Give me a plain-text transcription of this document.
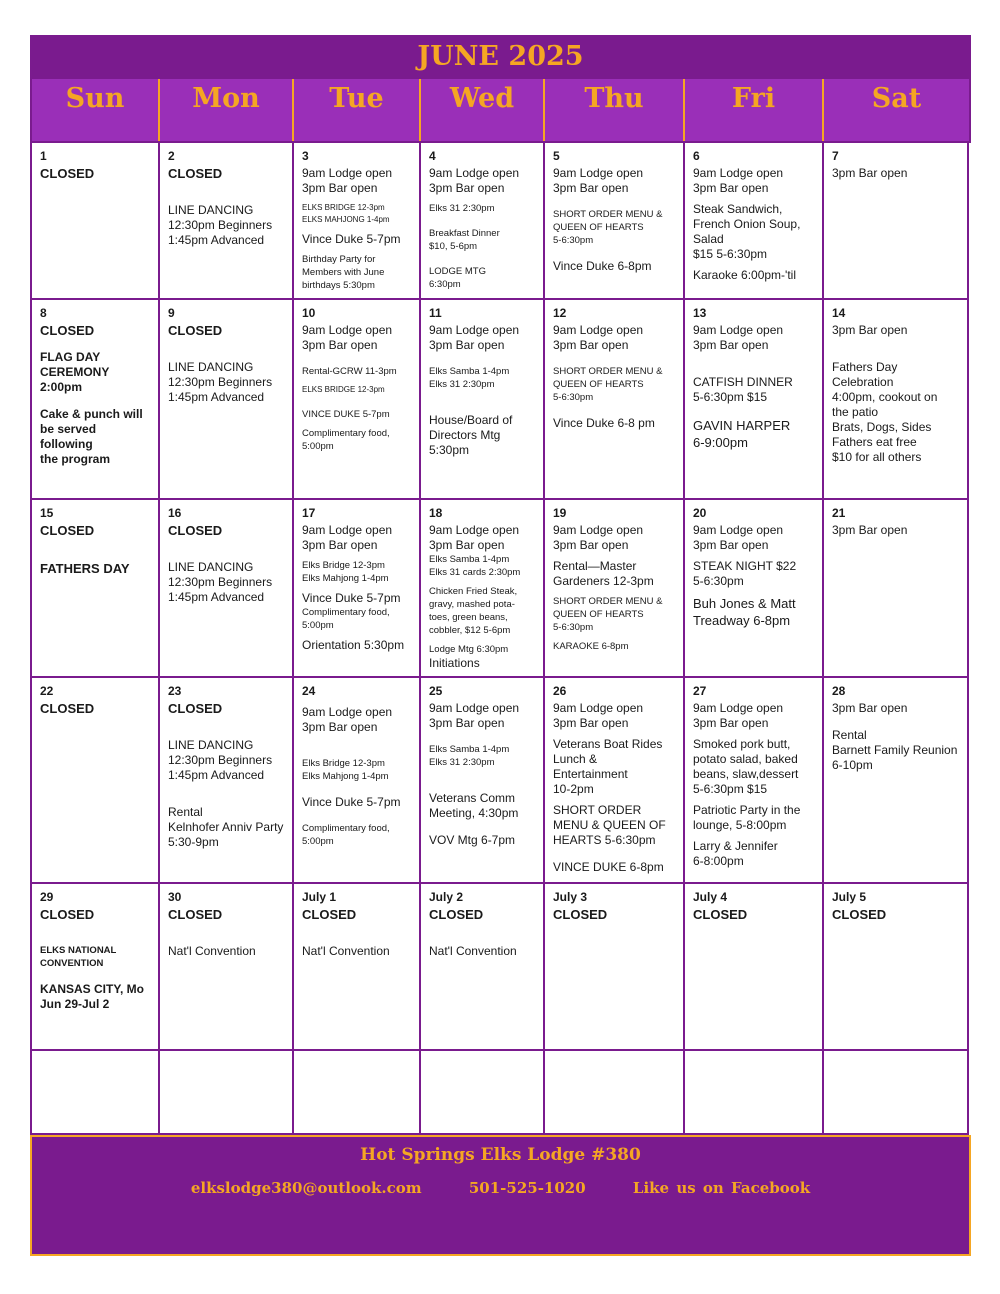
JUNE 2025
Sun	Mon	Tue	Wed	Thu	Fri	Sat
1
CLOSED
2
CLOSED
LINE DANCING
12:30pm Beginners
1:45pm Advanced
3
9am Lodge open
3pm Bar open
ELKS BRIDGE 12-3pm
ELKS MAHJONG 1-4pm
Vince Duke 5-7pm
Birthday Party for
Members with June
birthdays 5:30pm
4
9am Lodge open
3pm Bar open
Elks 31 2:30pm
Breakfast Dinner
$10, 5-6pm
LODGE MTG
6:30pm
5
9am Lodge open
3pm Bar open
SHORT ORDER MENU &
QUEEN OF HEARTS
5-6:30pm
Vince Duke 6-8pm
6
9am Lodge open
3pm Bar open
Steak Sandwich,
French Onion Soup,
Salad
$15 5-6:30pm
Karaoke 6:00pm-'til
7
3pm Bar open
8
CLOSED
FLAG DAY
CEREMONY
2:00pm
Cake & punch will
be served following
the program
9
CLOSED
LINE DANCING
12:30pm Beginners
1:45pm Advanced
10
9am Lodge open
3pm Bar open
Rental-GCRW 11-3pm
ELKS BRIDGE 12-3pm
VINCE DUKE 5-7pm
Complimentary food,
5:00pm
11
9am Lodge open
3pm Bar open
Elks Samba 1-4pm
Elks 31 2:30pm
House/Board of
Directors Mtg
5:30pm
12
9am Lodge open
3pm Bar open
SHORT ORDER MENU &
QUEEN OF HEARTS
5-6:30pm
Vince Duke 6-8 pm
13
9am Lodge open
3pm Bar open
CATFISH DINNER
5-6:30pm $15
GAVIN HARPER
6-9:00pm
14
3pm Bar open
Fathers Day
Celebration
4:00pm, cookout on
the patio
Brats, Dogs, Sides
Fathers eat free
$10 for all others
15
CLOSED
FATHERS DAY
16
CLOSED
LINE DANCING
12:30pm Beginners
1:45pm Advanced
17
9am Lodge open
3pm Bar open
Elks Bridge 12-3pm
Elks Mahjong 1-4pm
Vince Duke 5-7pm
Complimentary food,
5:00pm
Orientation 5:30pm
18
9am Lodge open
3pm Bar open
Elks Samba 1-4pm
Elks 31 cards 2:30pm
Chicken Fried Steak,
gravy, mashed pota-
toes, green beans,
cobbler, $12 5-6pm
Lodge Mtg 6:30pm
Initiations
19
9am Lodge open
3pm Bar open
Rental—Master
Gardeners 12-3pm
SHORT ORDER MENU &
QUEEN OF HEARTS
5-6:30pm
KARAOKE 6-8pm
20
9am Lodge open
3pm Bar open
STEAK NIGHT $22
5-6:30pm
Buh Jones & Matt
Treadway 6-8pm
21
3pm Bar open
22
CLOSED
23
CLOSED
LINE DANCING
12:30pm Beginners
1:45pm Advanced
Rental
Kelnhofer Anniv Party
5:30-9pm
24
9am Lodge open
3pm Bar open
Elks Bridge 12-3pm
Elks Mahjong 1-4pm
Vince Duke 5-7pm
Complimentary food,
5:00pm
25
9am Lodge open
3pm Bar open
Elks Samba 1-4pm
Elks 31 2:30pm
Veterans Comm
Meeting, 4:30pm
VOV Mtg 6-7pm
26
9am Lodge open
3pm Bar open
Veterans Boat Rides
Lunch & Entertainment
10-2pm
SHORT ORDER
MENU & QUEEN OF
HEARTS 5-6:30pm
VINCE DUKE 6-8pm
27
9am Lodge open
3pm Bar open
Smoked pork butt,
potato salad, baked
beans, slaw,dessert
5-6:30pm $15
Patriotic Party in the
lounge, 5-8:00pm
Larry & Jennifer
6-8:00pm
28
3pm Bar open
Rental
Barnett Family Reunion
6-10pm
29
CLOSED
ELKS NATIONAL
CONVENTION
KANSAS CITY, Mo
Jun 29-Jul 2
30
CLOSED
Nat'l Convention
July 1
CLOSED
Nat'l Convention
July 2
CLOSED
Nat'l Convention
July 3
CLOSED
July 4
CLOSED
July 5
CLOSED
Hot Springs Elks Lodge #380
elkslodge380@outlook.com	501-525-1020	Like us on Facebook
